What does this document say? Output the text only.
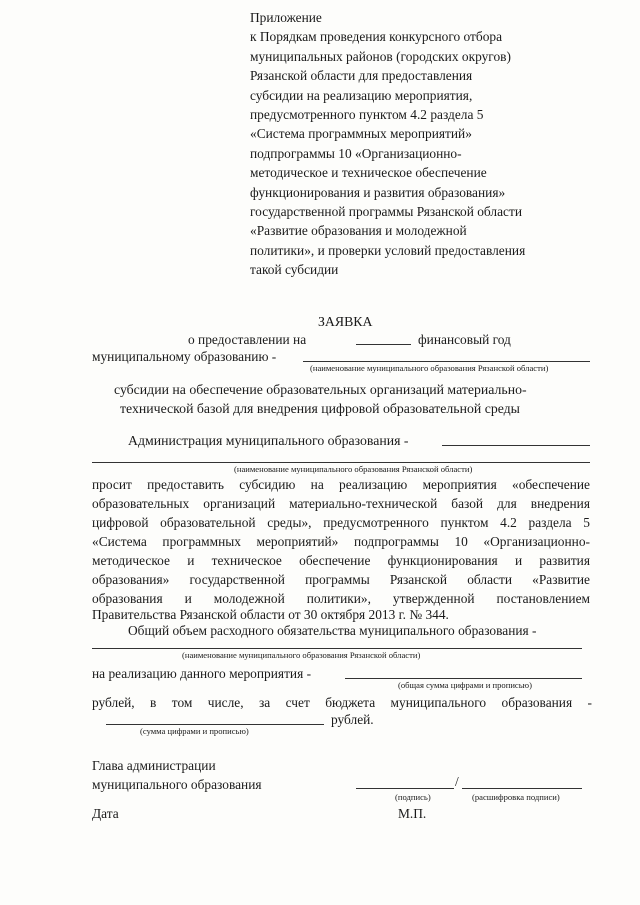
Приложение
к Порядкам проведения конкурсного отбора
муниципальных районов (городских округов)
Рязанской области для предоставления
субсидии на реализацию мероприятия,
предусмотренного пунктом 4.2 раздела 5
«Система программных мероприятий»
подпрограммы 10 «Организационно-
методическое и техническое обеспечение
функционирования и развития образования»
государственной программы Рязанской области
«Развитие образования и молодежной
политики», и проверки условий предоставления
такой субсидии
ЗАЯВКА
о предоставлении на	финансовый год
муниципальному образованию -
(наименование муниципального образования Рязанской области)
субсидии на обеспечение образовательных организаций материально-
технической базой для внедрения цифровой образовательной среды
Администрация муниципального образования -
(наименование муниципального образования Рязанской области)
просит предоставить субсидию на реализацию мероприятия «обеспечение
образовательных организаций материально-технической базой для внедрения
цифровой образовательной среды», предусмотренного пунктом 4.2 раздела 5
«Система программных мероприятий» подпрограммы 10 «Организационно-
методическое и техническое обеспечение функционирования и развития
образования» государственной программы Рязанской области «Развитие
образования и молодежной политики», утвержденной постановлением
Правительства Рязанской области от 30 октября 2013 г. № 344.
Общий объем расходного обязательства муниципального образования -
(наименование муниципального образования Рязанской области)
на реализацию данного мероприятия -
(общая сумма цифрами и прописью)
рублей, в том числе, за счет бюджета муниципального образования -
рублей.
(сумма цифрами и прописью)
Глава администрации
муниципального образования	/
(подпись)	(расшифровка подписи)
Дата	М.П.
